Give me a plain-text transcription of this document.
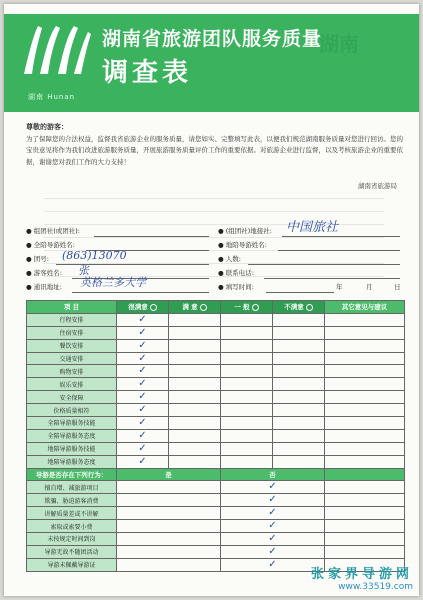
湖南 Hunan
湖南省旅游团队服务质量
调查表
湖南
尊敬的游客：
为了保障您的合法权益，监督我省旅游企业的服务质量，请您如实、完整填写此表，以便我们规范湖南服务质量对您进行回访。您的宝贵意见将作为我们改进旅游服务质量，开展旅游服务质量评价工作的重要依据。对旅游企业进行监督，以及考核旅游企业的重要依据，谢谢您对我们工作的大力支持！
湖南省旅游局
● 组团社(或团社):	● (组团社)地接社:	中国旅社
● 全陪导游姓名:	● 地陪导游姓名:
● 团号:	(863)13070	● 人数:
● 游客姓名:	张	● 联系电话:
● 通讯地址:	英格兰多大学	● 填写时间:	年	月	日
项 目	很满意	满 意	一 般	不满意	其它意见与建议
行程安排	✓				
住宿安排	✓				
餐饮安排	✓				
交通安排	✓				
购物安排	✓				
娱乐安排	✓				
安全保障	✓				
价格质量相符	✓				
全陪导游服务技能	✓				
全陪导游服务态度	✓				
地陪导游服务技能	✓				
地陪导游服务态度	✓				
导游是否存在下列行为：	是		否		
擅自增、减旅游项目			✓		
欺骗、胁迫游客消费			✓		
讲解质量差或不讲解			✓		
索取或索要小费			✓		
未按规定时间到岗			✓		
导游无故不随团活动			✓		
导游未佩戴导游证			✓		
张家界导游网
www.33519.com
